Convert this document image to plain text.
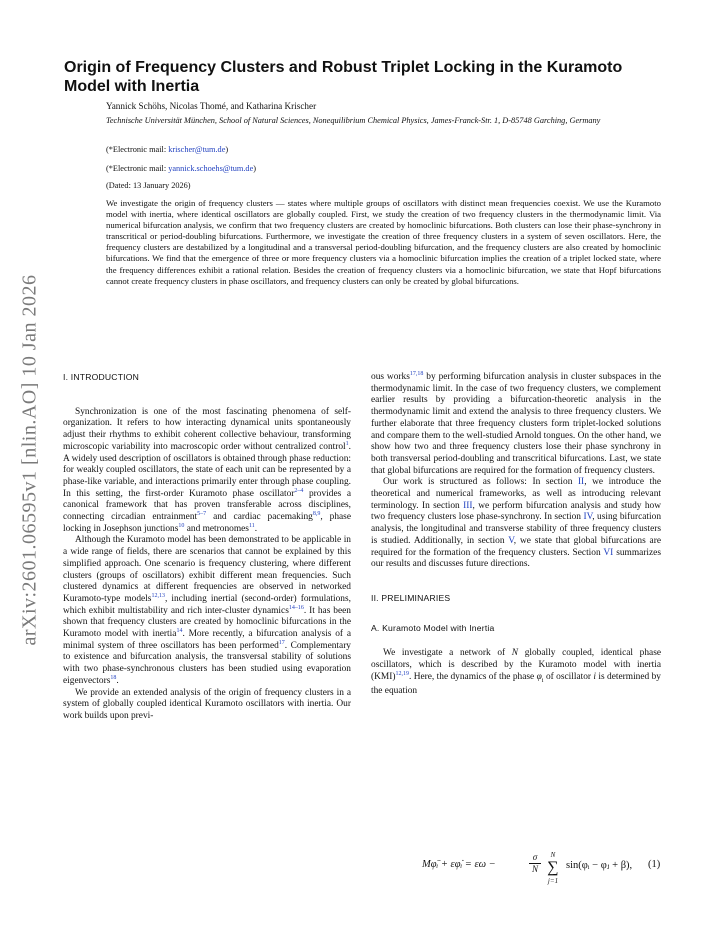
arXiv:2601.06595v1 [nlin.AO] 10 Jan 2026
Origin of Frequency Clusters and Robust Triplet Locking in the Kuramoto Model with Inertia
Yannick Schöhs, Nicolas Thomé, and Katharina Krischer
Technische Universität München, School of Natural Sciences, Nonequilibrium Chemical Physics, James-Franck-Str. 1, D-85748 Garching, Germany
(*Electronic mail: krischer@tum.de)
(*Electronic mail: yannick.schoehs@tum.de)
(Dated: 13 January 2026)

We investigate the origin of frequency clusters — states where multiple groups of oscillators with distinct mean frequencies coexist. We use the Kuramoto model with inertia, where identical oscillators are globally coupled. First, we study the creation of two frequency clusters in the thermodynamic limit. Via numerical bifurcation analysis, we confirm that two frequency clusters are created by homoclinic bifurcations. Both clusters can lose their phase-synchrony in transcritical or period-doubling bifurcations. Furthermore, we investigate the creation of three frequency clusters in a system of seven oscillators. Here, the frequency clusters are destabilized by a longitudinal and a transversal period-doubling bifurcation, and the frequency clusters are also created by homoclinic bifurcations. We find that the emergence of three or more frequency clusters via a homoclinic bifurcation implies the creation of a triplet locked state, where the frequency differences exhibit a rational relation. Besides the creation of frequency clusters via a homoclinic bifurcation, we state that Hopf bifurcations cannot create frequency clusters in phase oscillators, and frequency clusters can only be created by global bifurcations.

I. INTRODUCTION

Synchronization is one of the most fascinating phenomena of self-organization. It refers to how interacting dynamical units spontaneously adjust their rhythms to exhibit coherent collective behaviour, transforming microscopic variability into macroscopic order without centralized control$^1$. A widely used description of oscillators is obtained through phase reduction: for weakly coupled oscillators, the state of each unit can be represented by a phase-like variable, and interactions primarily enter through phase coupling. In this setting, the first-order Kuramoto phase oscillator$^{2-4}$ provides a canonical framework that has proven transferable across disciplines, connecting circadian entrainment$^{5-7}$ and cardiac pacemaking$^{8,9}$, phase locking in Josephson junctions$^{10}$ and metronomes$^{11}$.

Although the Kuramoto model has been demonstrated to be applicable in a wide range of fields, there are scenarios that cannot be explained by this simplified approach. One scenario is frequency clustering, where different clusters (groups of oscillators) exhibit different mean frequencies. Such clustered dynamics at different frequencies are observed in networked Kuramoto-type models$^{12,13}$, including inertial (second-order) formulations, which exhibit multistability and rich inter-cluster dynamics$^{14-16}$. It has been shown that frequency clusters are created by homoclinic bifurcations in the Kuramoto model with inertia$^{14}$. More recently, a bifurcation analysis of a minimal system of three oscillators has been performed$^{17}$. Complementary to existence and bifurcation analysis, the transversal stability of solutions with two phase-synchronous clusters has been studied using evaporation eigenvectors$^{18}$.

We provide an extended analysis of the origin of frequency clusters in a system of globally coupled identical Kuramoto oscillators with inertia. Our work builds upon previ-

ous works$^{17,18}$ by performing bifurcation analysis in cluster subspaces in the thermodynamic limit. In the case of two frequency clusters, we complement earlier results by providing a bifurcation-theoretic analysis in the thermodynamic limit and extend the analysis to three frequency clusters. We further elaborate that three frequency clusters form triplet-locked solutions and compare them to the well-studied Arnold tongues. On the other hand, we show how two and three frequency clusters lose their phase synchrony in both transversal period-doubling and transcritical bifurcations. Last, we state that global bifurcations are required for the formation of frequency clusters.

Our work is structured as follows: In section II, we introduce the theoretical and numerical frameworks, as well as introducing relevant terminology. In section III, we perform bifurcation analysis and study how two frequency clusters lose phase-synchrony. In section IV, using bifurcation analysis, the longitudinal and transverse stability of three frequency clusters is studied. Additionally, in section V, we state that global bifurcations are required for the formation of the frequency clusters. Section VI summarizes our results and discusses future directions.

II. PRELIMINARIES

A. Kuramoto Model with Inertia

We investigate a network of N globally coupled, identical phase oscillators, which is described by the Kuramoto model with inertia (KMI)$^{12,19}$. Here, the dynamics of the phase $\varphi_i$ of oscillator i is determined by the equation

Mφ̈ᵢ + εφ̇ᵢ = εω −	$\frac{\sigma}{N}$	N
∑
j=1
sin(φᵢ − φⱼ + β), (1)
